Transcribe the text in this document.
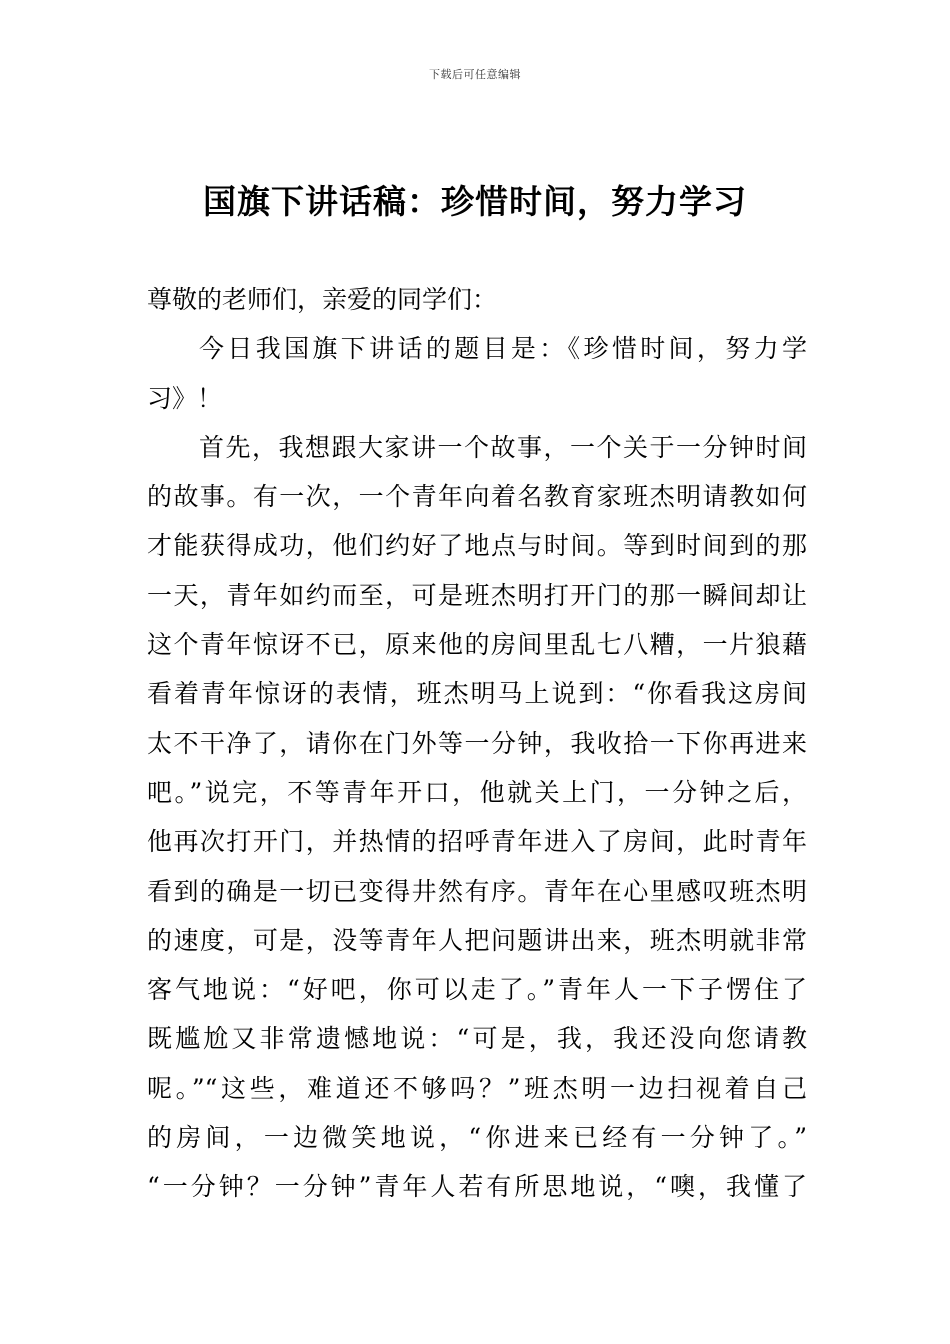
下载后可任意编辑
国旗下讲话稿：珍惜时间，努力学习
尊敬的老师们，亲爱的同学们：
今日我国旗下讲话的题目是：《珍惜时间，努力学
习》！
首先，我想跟大家讲一个故事，一个关于一分钟时间
的故事。有一次，一个青年向着名教育家班杰明请教如何
才能获得成功，他们约好了地点与时间。等到时间到的那
一天，青年如约而至，可是班杰明打开门的那一瞬间却让
这个青年惊讶不已，原来他的房间里乱七八糟，一片狼藉
看着青年惊讶的表情，班杰明马上说到：“你看我这房间
太不干净了，请你在门外等一分钟，我收拾一下你再进来
吧。”说完，不等青年开口，他就关上门，一分钟之后，
他再次打开门，并热情的招呼青年进入了房间，此时青年
看到的确是一切已变得井然有序。青年在心里感叹班杰明
的速度，可是，没等青年人把问题讲出来，班杰明就非常
客气地说：“好吧，你可以走了。”青年人一下子愣住了
既尴尬又非常遗憾地说：“可是，我，我还没向您请教
呢。”“这些，难道还不够吗？”班杰明一边扫视着自己
的房间，一边微笑地说，“你进来已经有一分钟了。”
“一分钟？一分钟”青年人若有所思地说，“噢，我懂了
